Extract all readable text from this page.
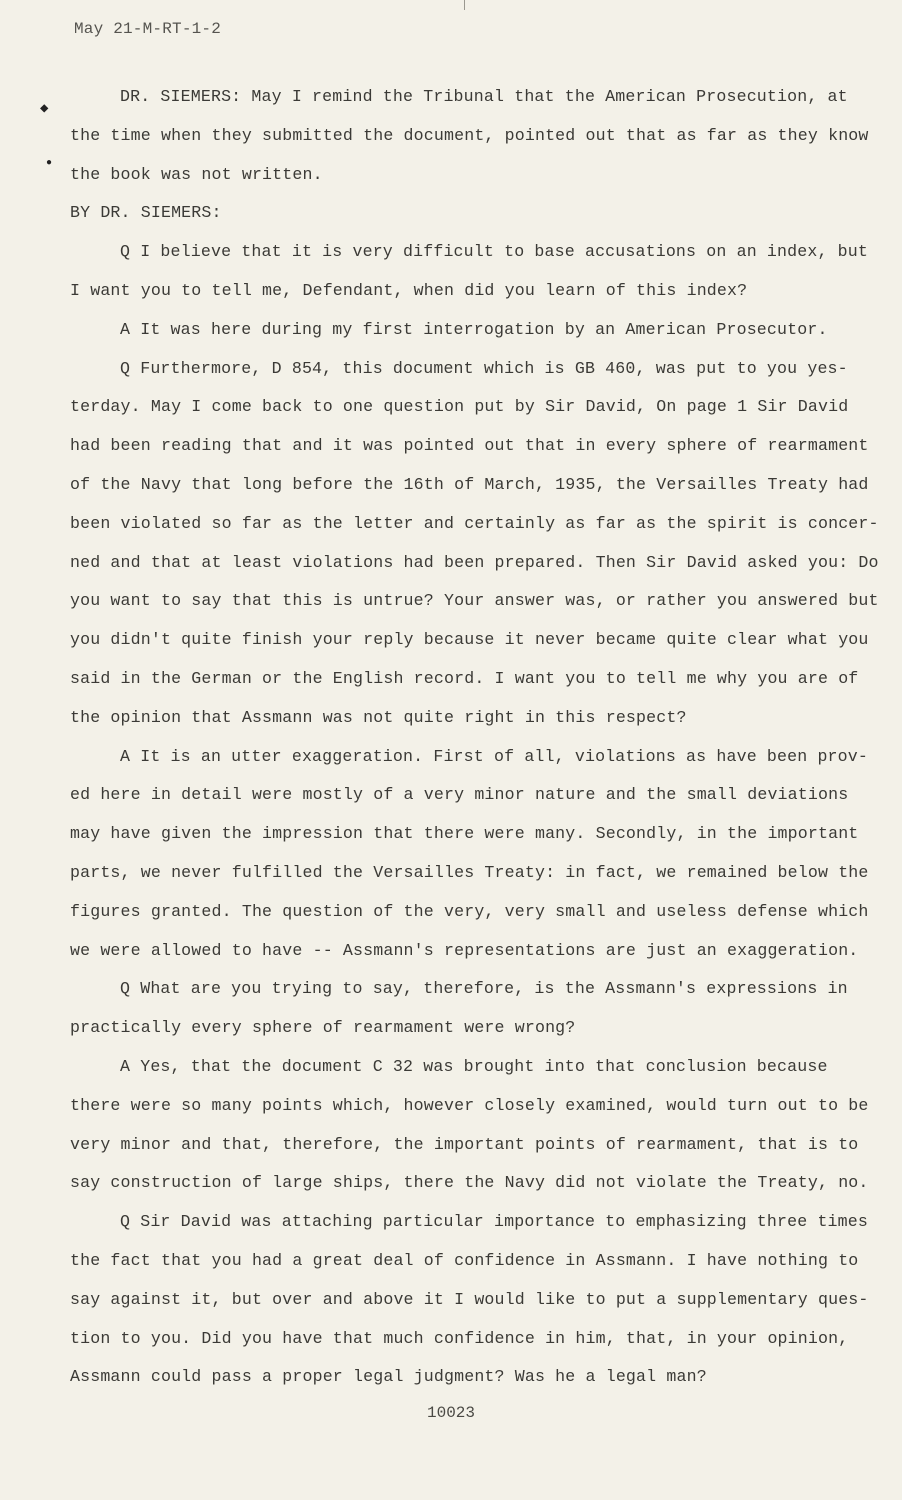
May 21-M-RT-1-2
◆
●
DR. SIEMERS: May I remind the Tribunal that the American Prosecution, at
the time when they submitted the document, pointed out that as far as they know
the book was not written.
BY DR. SIEMERS:
Q I believe that it is very difficult to base accusations on an index, but
I want you to tell me, Defendant, when did you learn of this index?
A It was here during my first interrogation by an American Prosecutor.
Q Furthermore, D 854, this document which is GB 460, was put to you yes-
terday. May I come back to one question put by Sir David, On page 1 Sir David
had been reading that and it was pointed out that in every sphere of rearmament
of the Navy that long before the 16th of March, 1935, the Versailles Treaty had
been violated so far as the letter and certainly as far as the spirit is concer-
ned and that at least violations had been prepared. Then Sir David asked you: Do
you want to say that this is untrue? Your answer was, or rather you answered but
you didn't quite finish your reply because it never became quite clear what you
said in the German or the English record. I want you to tell me why you are of
the opinion that Assmann was not quite right in this respect?
A It is an utter exaggeration. First of all, violations as have been prov-
ed here in detail were mostly of a very minor nature and the small deviations
may have given the impression that there were many. Secondly, in the important
parts, we never fulfilled the Versailles Treaty: in fact, we remained below the
figures granted. The question of the very, very small and useless defense which
we were allowed to have -- Assmann's representations are just an exaggeration.
Q What are you trying to say, therefore, is the Assmann's expressions in
practically every sphere of rearmament were wrong?
A Yes, that the document C 32 was brought into that conclusion because
there were so many points which, however closely examined, would turn out to be
very minor and that, therefore, the important points of rearmament, that is to
say construction of large ships, there the Navy did not violate the Treaty, no.
Q Sir David was attaching particular importance to emphasizing three times
the fact that you had a great deal of confidence in Assmann. I have nothing to
say against it, but over and above it I would like to put a supplementary ques-
tion to you. Did you have that much confidence in him, that, in your opinion,
Assmann could pass a proper legal judgment? Was he a legal man?
10023
